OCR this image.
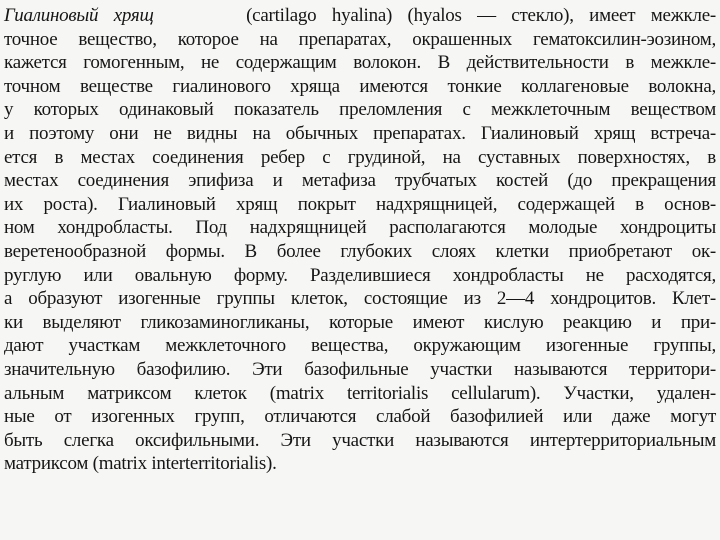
Гиалиновый хрящ	(cartilago hyalina) (hyalos — стекло), имеет межкле-
точное вещество, которое на препаратах, окрашенных гематоксилин-эозином,
кажется гомогенным, не содержащим волокон. В действительности в межкле-
точном веществе гиалинового хряща имеются тонкие коллагеновые волокна,
у которых одинаковый показатель преломления с межклеточным веществом
и поэтому они не видны на обычных препаратах. Гиалиновый хрящ встреча-
ется в местах соединения ребер с грудиной, на суставных поверхностях, в
местах соединения эпифиза и метафиза трубчатых костей (до прекращения
их роста). Гиалиновый хрящ покрыт надхрящницей, содержащей в основ-
ном хондробласты. Под надхрящницей располагаются молодые хондроциты
веретенообразной формы. В более глубоких слоях клетки приобретают ок-
руглую или овальную форму. Разделившиеся хондробласты не расходятся,
а образуют изогенные группы клеток, состоящие из 2—4 хондроцитов. Клет-
ки выделяют гликозаминогликаны, которые имеют кислую реакцию и при-
дают участкам межклеточного вещества, окружающим изогенные группы,
значительную базофилию. Эти базофильные участки называются территори-
альным матриксом клеток (matrix territorialis cellularum). Участки, удален-
ные от изогенных групп, отличаются слабой базофилией или даже могут
быть слегка оксифильными. Эти участки называются интертерриториальным
матриксом (matrix interterritorialis).
